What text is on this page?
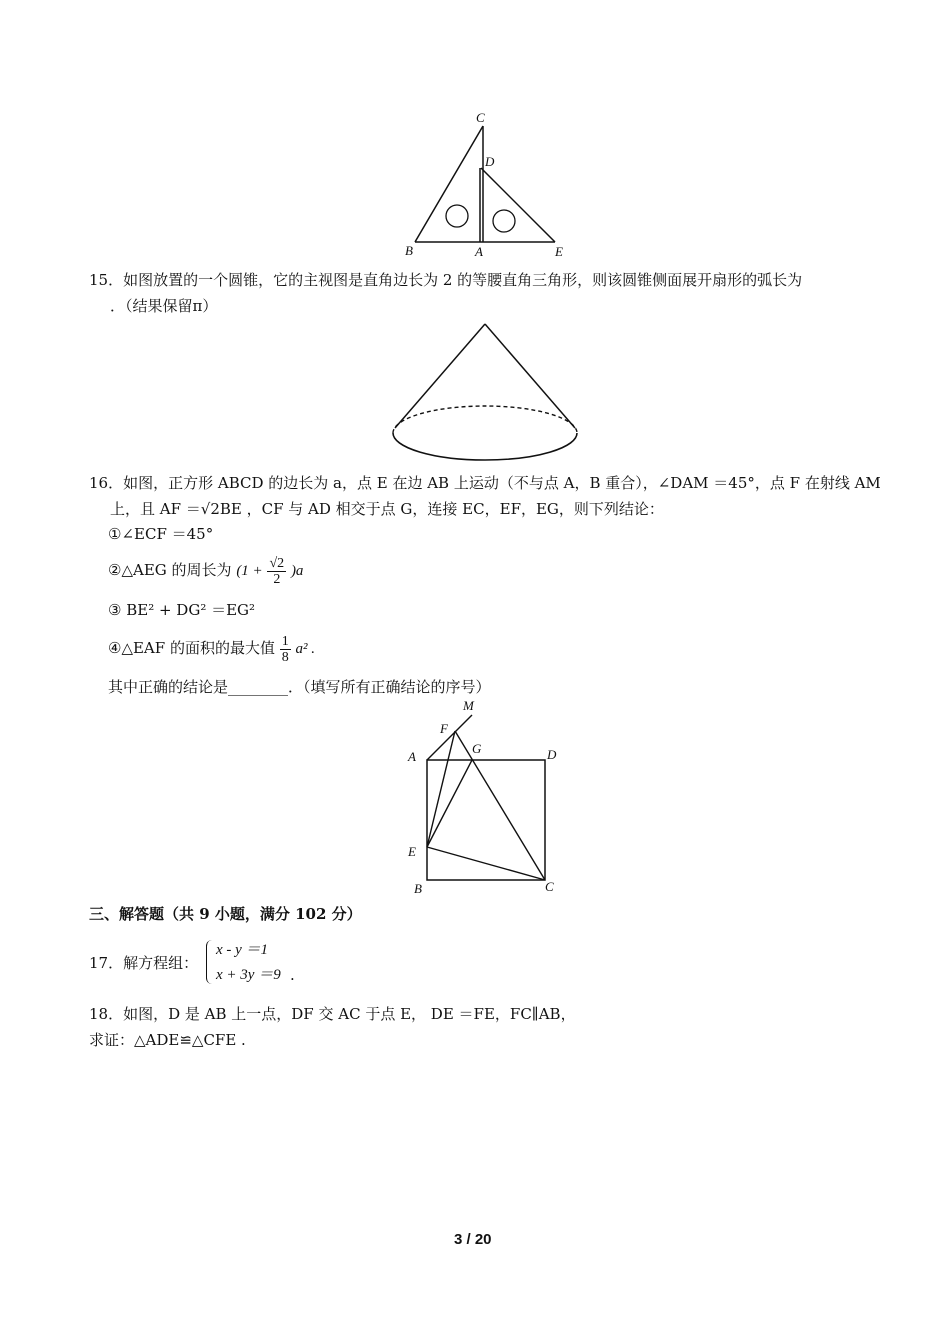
C
D
B	A	E
15．如图放置的一个圆锥，它的主视图是直角边长为 2 的等腰直角三角形，则该圆锥侧面展开扇形的弧长为
．（结果保留π）
16．如图，正方形 ABCD 的边长为 a，点 E 在边 AB 上运动（不与点 A，B 重合），∠DAM ＝45°，点 F 在射线 AM
上，且 AF ＝√2BE ，CF 与 AD 相交于点 G，连接 EC，EF，EG，则下列结论：
①∠ECF ＝45°
②△AEG 的周长为 $(1 + \frac{√2}{2} )a$
③ BE² + DG² ＝EG²
④△EAF 的面积的最大值 $\frac{1}{8} a^2$ .
其中正确的结论是________．（填写所有正确结论的序号）
M
F
G
A	D
E
B	C
三、解答题（共 9 小题，满分 102 分）
17．解方程组：
x - y ＝1
x + 3y ＝9 .
18．如图，D 是 AB 上一点，DF 交 AC 于点 E， DE ＝FE，FC∥AB，
求证：△ADE≌△CFE .
3 / 20
